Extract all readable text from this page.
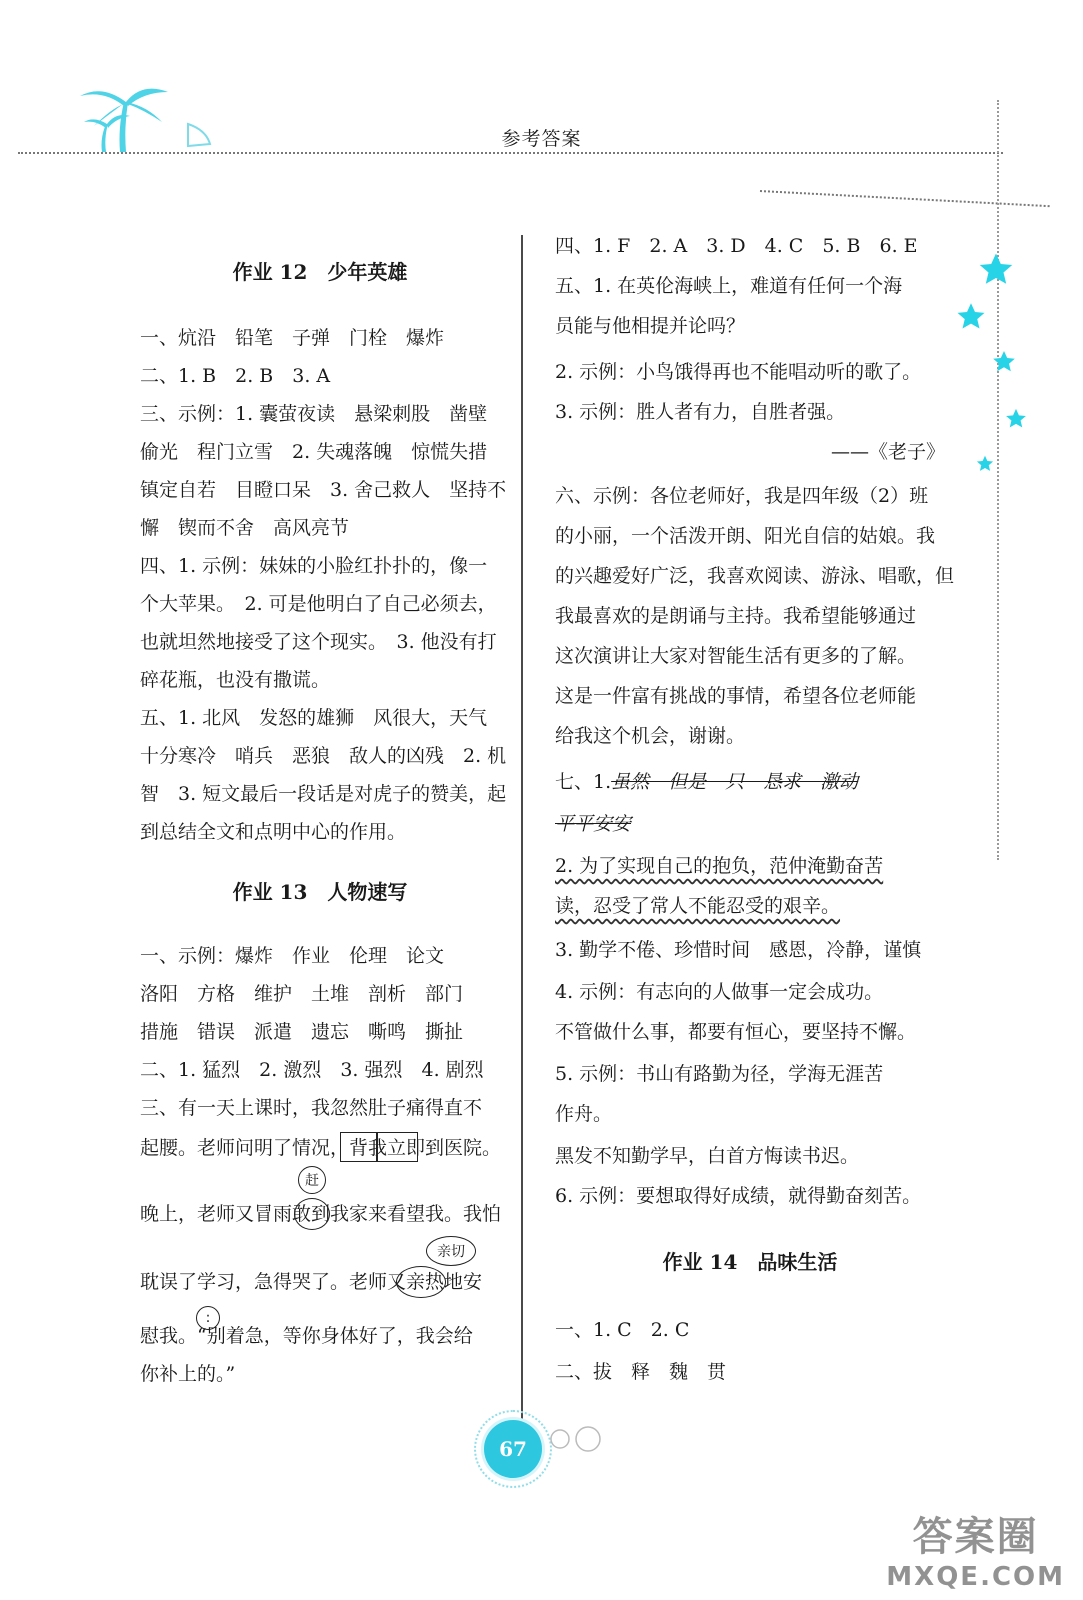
参考答案
作业 12　少年英雄
一、炕沿　铅笔　子弹　门栓　爆炸
二、1. B　2. B　3. A
三、示例：1. 囊萤夜读　悬梁刺股　凿壁
偷光　程门立雪　2. 失魂落魄　惊慌失措
镇定自若　目瞪口呆　3. 舍己救人　坚持不
懈　锲而不舍　高风亮节
四、1. 示例：妹妹的小脸红扑扑的，像一
个大苹果。　2. 可是他明白了自己必须去，
也就坦然地接受了这个现实。　3. 他没有打
碎花瓶，也没有撒谎。
五、1. 北风　发怒的雄狮　风很大，天气
十分寒冷　哨兵　恶狼　敌人的凶残　2. 机
智　3. 短文最后一段话是对虎子的赞美，起
到总结全文和点明中心的作用。
作业 13　人物速写
一、示例：爆炸　作业　伦理　论文
洛阳　方格　维护　土堆　剖析　部门
措施　错误　派遣　遗忘　嘶鸣　撕扯
二、1. 猛烈　2. 激烈　3. 强烈　4. 剧烈
三、有一天上课时，我忽然肚子痛得直不
起腰。老师问明了情况，背我立即到医院。
晚上，老师又冒雨敢到我家来看望我。我怕
耽误了学习，急得哭了。老师又亲热地安
慰我。“别着急，等你身体好了，我会给
你补上的。”
赶
亲切
:
四、1. F　2. A　3. D　4. C　5. B　6. E
五、1. 在英伦海峡上，难道有任何一个海
员能与他相提并论吗？
2. 示例：小鸟饿得再也不能唱动听的歌了。
3. 示例：胜人者有力，自胜者强。
——《老子》
六、示例：各位老师好，我是四年级（2）班
的小丽，一个活泼开朗、阳光自信的姑娘。我
的兴趣爱好广泛，我喜欢阅读、游泳、唱歌，但
我最喜欢的是朗诵与主持。我希望能够通过
这次演讲让大家对智能生活有更多的了解。
这是一件富有挑战的事情，希望各位老师能
给我这个机会，谢谢。
七、1.虽然　但是　只　恳求　激动
平平安安
2. 为了实现自己的抱负，范仲淹勤奋苦
读，忍受了常人不能忍受的艰辛。
3. 勤学不倦、珍惜时间　感恩，冷静，谨慎
4. 示例：有志向的人做事一定会成功。
不管做什么事，都要有恒心，要坚持不懈。
5. 示例：书山有路勤为径，学海无涯苦
作舟。
黑发不知勤学早，白首方悔读书迟。
6. 示例：要想取得好成绩，就得勤奋刻苦。
作业 14　品味生活
一、1. C　2. C
二、拔　释　魏　贯
67
答案圈
MXQE.COM
